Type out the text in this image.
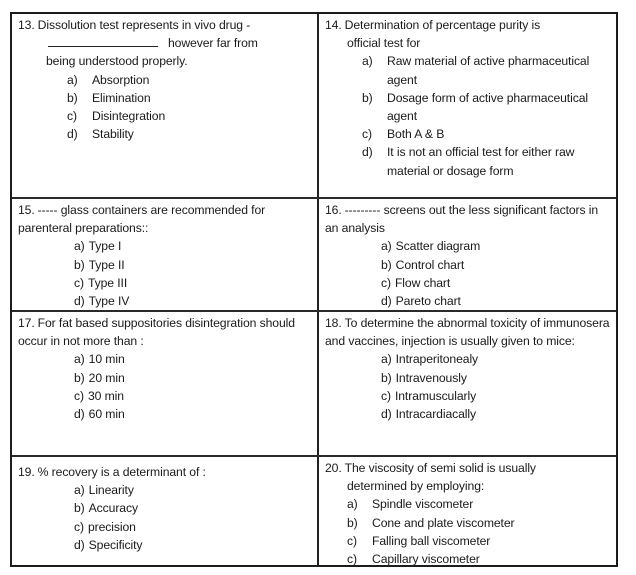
13. Dissolution test represents in vivo drug -

however far from

being understood properly.

a)	Absorption
b)	Elimination
c)	Disintegration
d)	Stability

14. Determination of percentage purity is

official test for

a)	Raw material of active pharmaceutical agent
b)	Dosage form of active pharmaceutical agent
c)	Both A & B
d)	It is not an official test for either raw material or dosage form

15. ----- glass containers are recommended for parenteral preparations::

a) Type I
b) Type II
c) Type III
d) Type IV

16. --------- screens out the less significant factors in an analysis

a) Scatter diagram
b) Control chart
c) Flow chart
d) Pareto chart

17. For fat based suppositories disintegration should occur in not more than :

a) 10 min
b) 20 min
c) 30 min
d) 60 min

18. To determine the abnormal toxicity of immunosera and vaccines, injection is usually given to mice:

a) Intraperitonealy
b) Intravenously
c) Intramuscularly
d) Intracardiacally

19. % recovery is a determinant of :

a) Linearity
b) Accuracy
c) precision
d) Specificity

20. The viscosity of semi solid is usually

determined by employing:

a)	Spindle viscometer
b)	Cone and plate viscometer
c)	Falling ball viscometer
c)	Capillary viscometer
